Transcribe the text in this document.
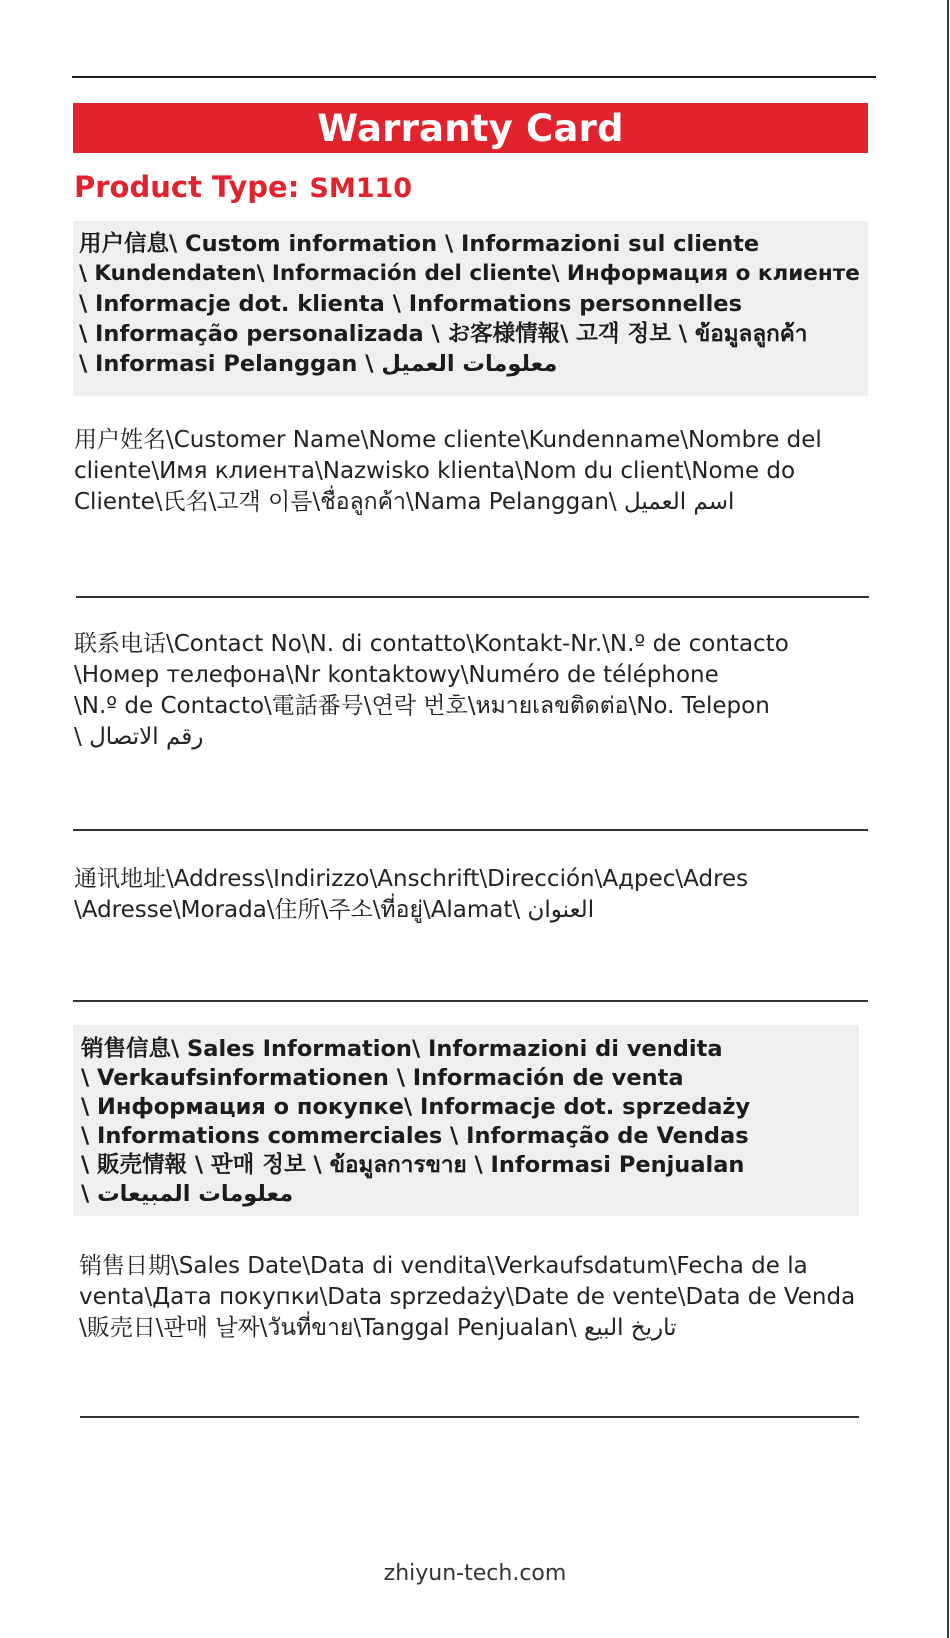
Warranty Card
Product Type: SM110
用户信息\ Custom information \ Informazioni sul cliente
\ Kundendaten\ Información del cliente\ Информация о клиенте
\ Informacje dot. klienta \ Informations personnelles
\ Informação personalizada \ お客様情報\ 고객 정보 \ ข้อมูลลูกค้า
\ Informasi Pelanggan \ معلومات العميل
用户姓名\Customer Name\Nome cliente\Kundenname\Nombre del
cliente\Имя клиента\Nazwisko klienta\Nom du client\Nome do
Cliente\氏名\고객 이름\ชื่อลูกค้า\Nama Pelanggan\ اسم العميل
联系电话\Contact No\N. di contatto\Kontakt-Nr.\N.º de contacto
\Номер телефона\Nr kontaktowy\Numéro de téléphone
\N.º de Contacto\電話番号\연락 번호\หมายเลขติดต่อ\No. Telepon
\ رقم الاتصال
通讯地址\Address\Indirizzo\Anschrift\Dirección\Адрес\Adres
\Adresse\Morada\住所\주소\ที่อยู่\Alamat\ العنوان
销售信息\ Sales Information\ Informazioni di vendita
\ Verkaufsinformationen \ Información de venta
\ Информация о покупке\ Informacje dot. sprzedaży
\ Informations commerciales \ Informação de Vendas
\ 販売情報 \ 판매 정보 \ ข้อมูลการขาย \ Informasi Penjualan
\ معلومات المبيعات
销售日期\Sales Date\Data di vendita\Verkaufsdatum\Fecha de la
venta\Дата покупки\Data sprzedaży\Date de vente\Data de Venda
\販売日\판매 날짜\วันที่ขาย\Tanggal Penjualan\ تاريخ البيع
zhiyun-tech.com
